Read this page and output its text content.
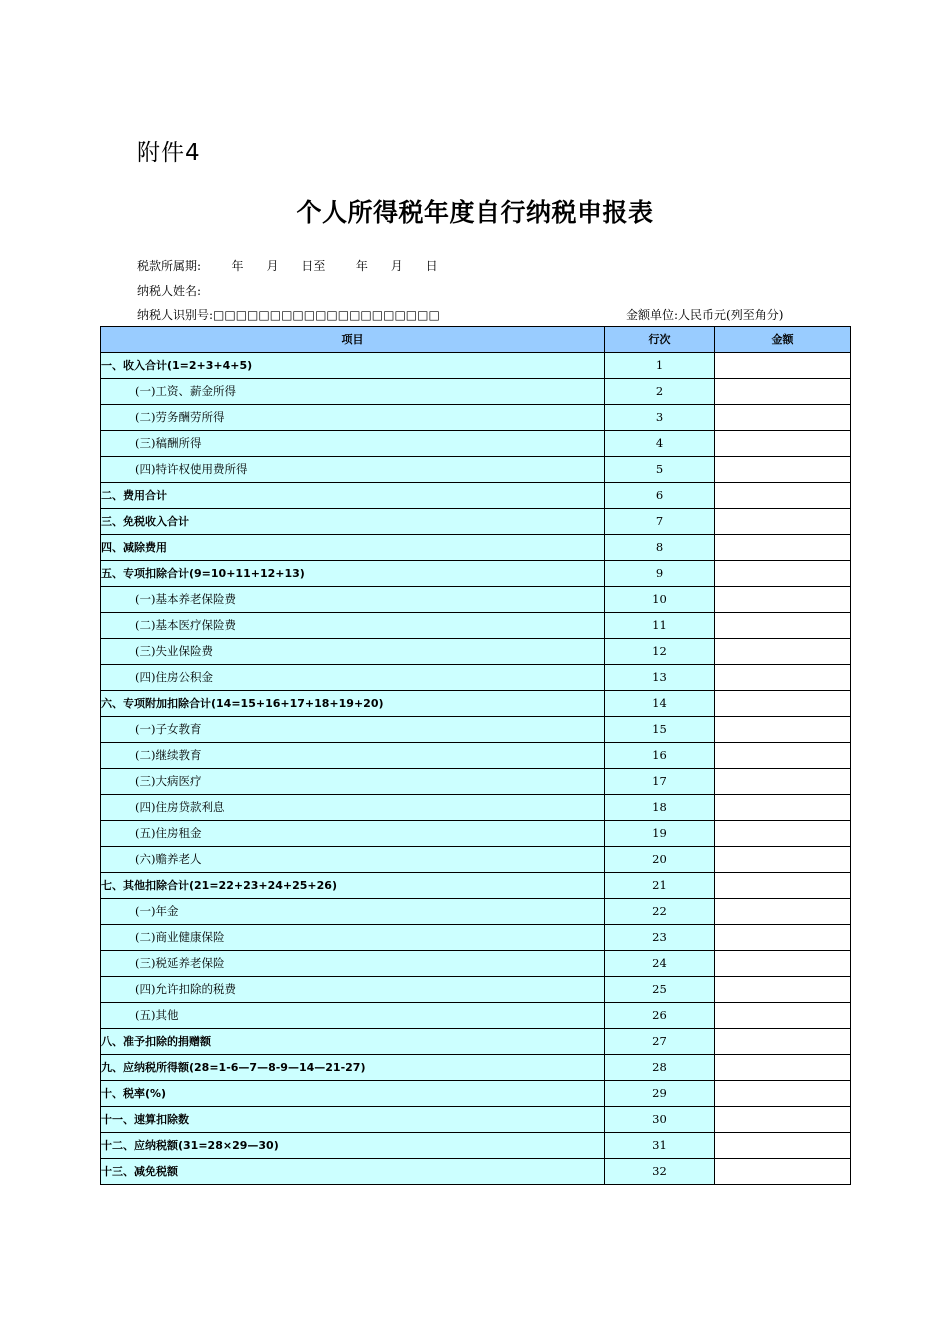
附件4
个人所得税年度自行纳税申报表
税款所属期:        年      月      日至        年      月      日
纳税人姓名:
纳税人识别号:□□□□□□□□□□□□□□□□□□□□	金额单位:人民币元(列至角分)
项目	行次	金额
一、收入合计(1=2+3+4+5)	1	
(一)工资、薪金所得	2	
(二)劳务酬劳所得	3	
(三)稿酬所得	4	
(四)特许权使用费所得	5	
二、费用合计	6	
三、免税收入合计	7	
四、减除费用	8	
五、专项扣除合计(9=10+11+12+13)	9	
(一)基本养老保险费	10	
(二)基本医疗保险费	11	
(三)失业保险费	12	
(四)住房公积金	13	
六、专项附加扣除合计(14=15+16+17+18+19+20)	14	
(一)子女教育	15	
(二)继续教育	16	
(三)大病医疗	17	
(四)住房贷款利息	18	
(五)住房租金	19	
(六)赡养老人	20	
七、其他扣除合计(21=22+23+24+25+26)	21	
(一)年金	22	
(二)商业健康保险	23	
(三)税延养老保险	24	
(四)允许扣除的税费	25	
(五)其他	26	
八、准予扣除的捐赠额	27	
九、应纳税所得额(28=1-6—7—8-9—14—21-27)	28	
十、税率(%)	29	
十一、速算扣除数	30	
十二、应纳税额(31=28×29—30)	31	
十三、减免税额	32	
